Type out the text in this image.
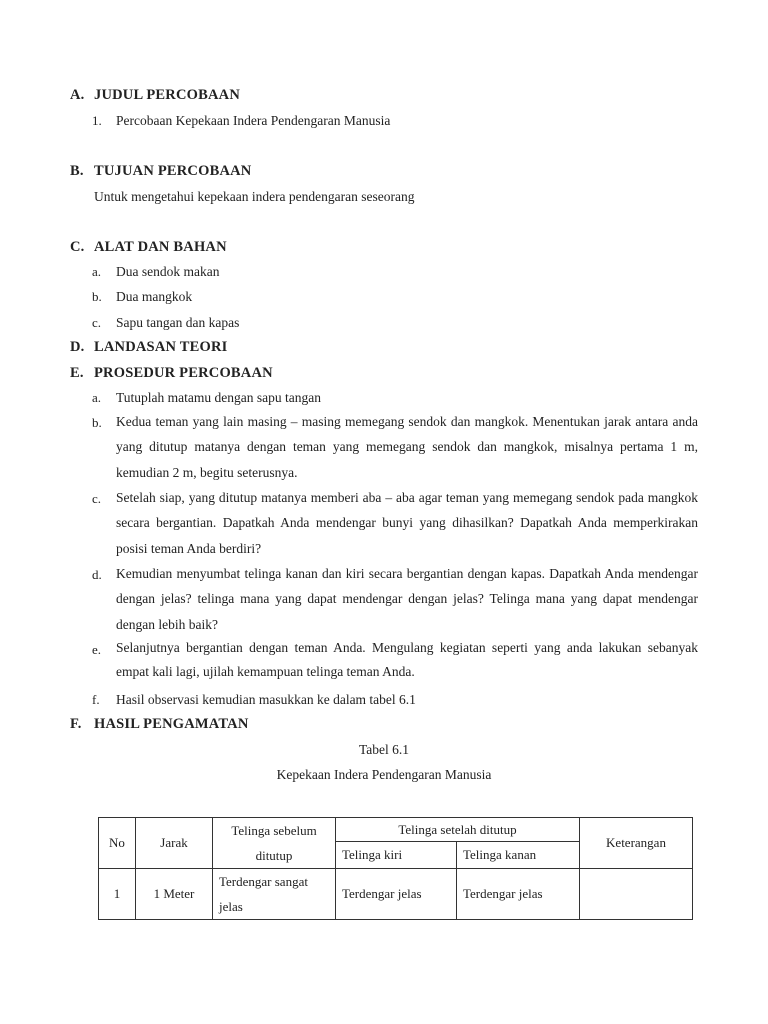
A. JUDUL PERCOBAAN
1. Percobaan Kepekaan Indera Pendengaran Manusia
B. TUJUAN PERCOBAAN
Untuk mengetahui kepekaan indera pendengaran seseorang
C. ALAT DAN BAHAN
a. Dua sendok makan
b. Dua mangkok
c. Sapu tangan dan kapas
D. LANDASAN TEORI
E. PROSEDUR PERCOBAAN
a. Tutuplah matamu dengan sapu tangan
b. Kedua teman yang lain masing – masing memegang sendok dan mangkok. Menentukan jarak antara anda yang ditutup matanya dengan teman yang memegang sendok dan mangkok, misalnya pertama 1 m, kemudian 2 m, begitu seterusnya.
c. Setelah siap, yang ditutup matanya memberi aba – aba agar teman yang memegang sendok pada mangkok secara bergantian. Dapatkah Anda mendengar bunyi yang dihasilkan? Dapatkah Anda memperkirakan posisi teman Anda berdiri?
d. Kemudian menyumbat telinga kanan dan kiri secara bergantian dengan kapas. Dapatkah Anda mendengar dengan jelas? telinga mana yang dapat mendengar dengan jelas? Telinga mana yang dapat mendengar dengan lebih baik?
e. Selanjutnya bergantian dengan teman Anda. Mengulang kegiatan seperti yang anda lakukan sebanyak empat kali lagi, ujilah kemampuan telinga teman Anda.
f. Hasil observasi kemudian masukkan ke dalam tabel 6.1
F. HASIL PENGAMATAN
Tabel 6.1
Kepekaan Indera Pendengaran Manusia
No	Jarak	Telinga sebelum ditutup	Telinga setelah ditutup		Keterangan
			Telinga kiri	Telinga kanan	
1	1 Meter	Terdengar sangat jelas	Terdengar jelas	Terdengar jelas	
